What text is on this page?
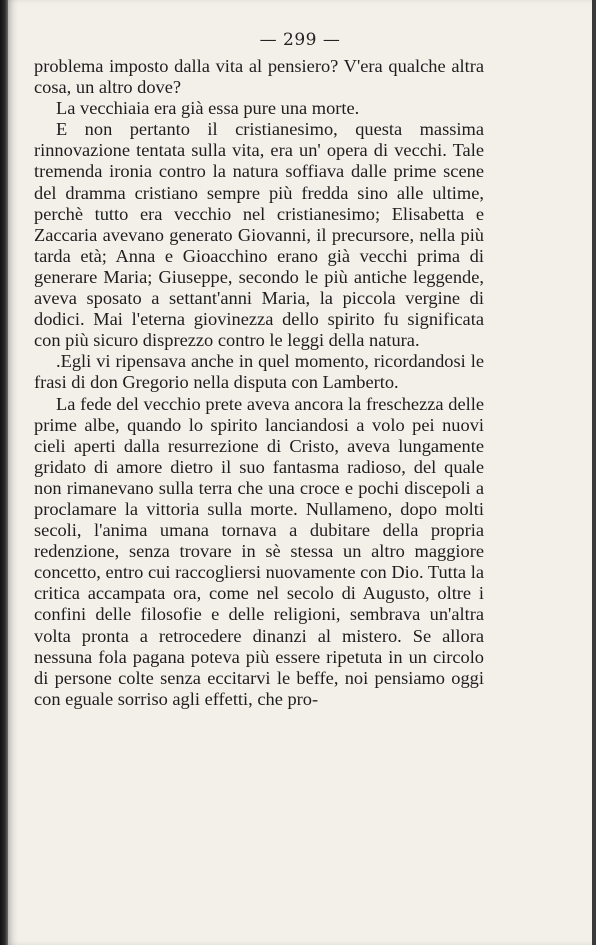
— 299 —

problema imposto dalla vita al pensiero? V'era qualche altra cosa, un altro dove?

La vecchiaia era già essa pure una morte.

E non pertanto il cristianesimo, questa massima rinnovazione tentata sulla vita, era un' opera di vecchi. Tale tremenda ironia contro la natura soffiava dalle prime scene del dramma cristiano sempre più fredda sino alle ultime, perchè tutto era vecchio nel cristianesimo; Elisabetta e Zaccaria avevano generato Giovanni, il precursore, nella più tarda età; Anna e Gioacchino erano già vecchi prima di generare Maria; Giuseppe, secondo le più antiche leggende, aveva sposato a settant'anni Maria, la piccola vergine di dodici. Mai l'eterna giovinezza dello spirito fu significata con più sicuro disprezzo contro le leggi della natura.

.Egli vi ripensava anche in quel momento, ricordandosi le frasi di don Gregorio nella disputa con Lamberto.

La fede del vecchio prete aveva ancora la freschezza delle prime albe, quando lo spirito lanciandosi a volo pei nuovi cieli aperti dalla resurrezione di Cristo, aveva lungamente gridato di amore dietro il suo fantasma radioso, del quale non rimanevano sulla terra che una croce e pochi discepoli a proclamare la vittoria sulla morte. Nullameno, dopo molti secoli, l'anima umana tornava a dubitare della propria redenzione, senza trovare in sè stessa un altro maggiore concetto, entro cui raccogliersi nuovamente con Dio. Tutta la critica accampata ora, come nel secolo di Augusto, oltre i confini delle filosofie e delle religioni, sembrava un'altra volta pronta a retrocedere dinanzi al mistero. Se allora nessuna fola pagana poteva più essere ripetuta in un circolo di persone colte senza eccitarvi le beffe, noi pensiamo oggi con eguale sorriso agli effetti, che pro-
